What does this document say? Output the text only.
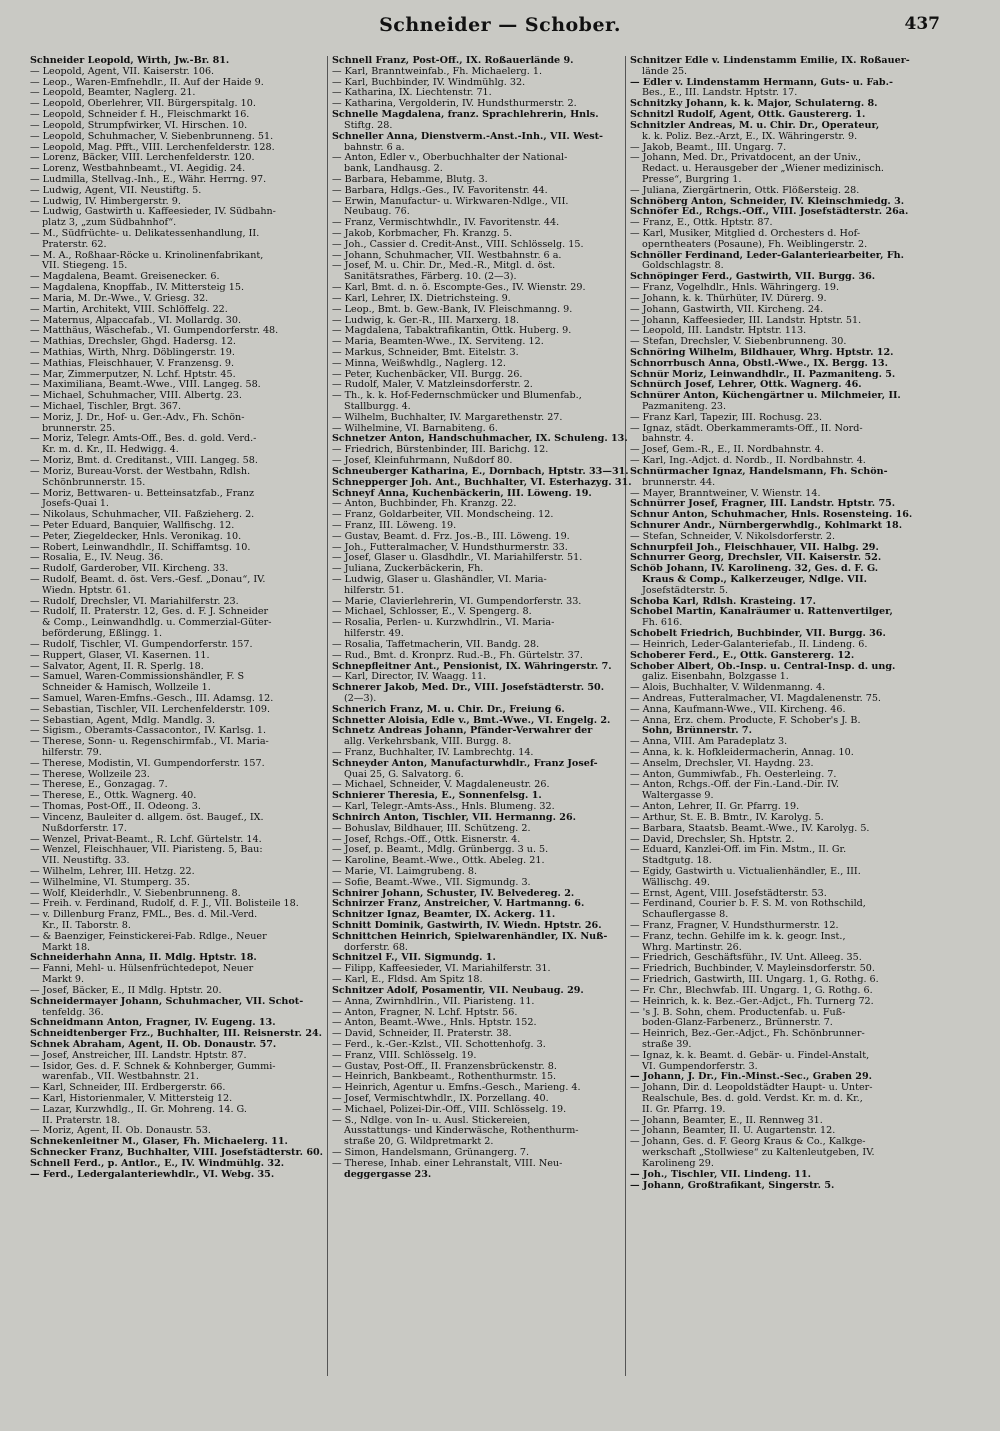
Schneider — Schober.	437
Schneider Leopold, Wirth, Jw.-Br. 81.
— Leopold, Agent, VII. Kaiserstr. 106.
— Leop., Waren-Emfnehdlr., II. Auf der Haide 9.
— Leopold, Beamter, Naglerg. 21.
— Leopold, Oberlehrer, VII. Bürgerspitalg. 10.
— Leopold, Schneider f. H., Fleischmarkt 16.
— Leopold, Strumpfwirker, VI. Hirschen. 10.
— Leopold, Schuhmacher, V. Siebenbrunneng. 51.
— Leopold, Mag. Pfft., VIII. Lerchenfelderstr. 128.
— Lorenz, Bäcker, VIII. Lerchenfelderstr. 120.
— Lorenz, Westbahnbeamt., VI. Aegidig. 24.
— Ludmilla, Stellvag.-Inh., E., Währ. Herrng. 97.
— Ludwig, Agent, VII. Neustiftg. 5.
— Ludwig, IV. Himbergerstr. 9.
— Ludwig, Gastwirth u. Kaffeesieder, IV. Südbahn-
platz 3, „zum Südbahnhof“.
— M., Südfrüchte- u. Delikatessenhandlung, II.
Praterstr. 62.
— M. A., Roßhaar-Röcke u. Krinolinenfabrikant,
VII. Stiegeng. 15.
— Magdalena, Beamt. Greisenecker. 6.
— Magdalena, Knopffab., IV. Mittersteig 15.
— Maria, M. Dr.-Wwe., V. Griesg. 32.
— Martin, Architekt, VIII. Schlöffelg. 22.
— Maternus, Alpaccafab., VI. Mollardg. 30.
— Matthäus, Wäschefab., VI. Gumpendorferstr. 48.
— Mathias, Drechsler, Ghgd. Hadersg. 12.
— Mathias, Wirth, Nhrg. Döblingerstr. 19.
— Mathias, Fleischhauer, V. Franzensg. 9.
— Mar, Zimmerputzer, N. Lchf. Hptstr. 45.
— Maximiliana, Beamt.-Wwe., VIII. Langeg. 58.
— Michael, Schuhmacher, VIII. Albertg. 23.
— Michael, Tischler, Brgt. 367.
— Moriz, J. Dr., Hof- u. Ger.-Adv., Fh. Schön-
brunnerstr. 25.
— Moriz, Telegr. Amts-Off., Bes. d. gold. Verd.-
Kr. m. d. Kr., II. Hedwigg. 4.
— Moriz, Bmt. d. Creditanst., VIII. Langeg. 58.
— Moriz, Bureau-Vorst. der Westbahn, Rdlsh.
Schönbrunnerstr. 15.
— Moriz, Bettwaren- u. Betteinsatzfab., Franz
Josefs-Quai 1.
— Nikolaus, Schuhmacher, VII. Faßzieherg. 2.
— Peter Eduard, Banquier, Wallfischg. 12.
— Peter, Ziegeldecker, Hnls. Veronikag. 10.
— Robert, Leinwandhdlr., II. Schiffamtsg. 10.
— Rosalia, E., IV. Neug. 36.
— Rudolf, Garderober, VII. Kircheng. 33.
— Rudolf, Beamt. d. öst. Vers.-Gesf. „Donau“, IV.
Wiedn. Hptstr. 61.
— Rudolf, Drechsler, VI. Mariahilferstr. 23.
— Rudolf, II. Praterstr. 12, Ges. d. F. J. Schneider
& Comp., Leinwandhdlg. u. Commerzial-Güter-
beförderung, Eßlingg. 1.
— Rudolf, Tischler, VI. Gumpendorferstr. 157.
— Ruppert, Glaser, VI. Kasernen. 11.
— Salvator, Agent, II. R. Sperlg. 18.
— Samuel, Waren-Commissionshändler, F. S
Schneider & Hamisch, Wollzeile 1.
— Samuel, Waren-Emfns.-Gesch., III. Adamsg. 12.
— Sebastian, Tischler, VII. Lerchenfelderstr. 109.
— Sebastian, Agent, Mdlg. Mandlg. 3.
— Sigism., Oberamts-Cassacontor., IV. Karlsg. 1.
— Therese, Sonn- u. Regenschirmfab., VI. Maria-
hilferstr. 79.
— Therese, Modistin, VI. Gumpendorferstr. 157.
— Therese, Wollzeile 23.
— Therese, E., Gonzagag. 7.
— Therese, E., Ottk. Wagnerg. 40.
— Thomas, Post-Off., II. Odeong. 3.
— Vincenz, Bauleiter d. allgem. öst. Baugef., IX.
Nußdorferstr. 17.
— Wenzel, Privat-Beamt., R. Lchf. Gürtelstr. 14.
— Wenzel, Fleischhauer, VII. Piaristeng. 5, Bau:
VII. Neustiftg. 33.
— Wilhelm, Lehrer, III. Hetzg. 22.
— Wilhelmine, VI. Stumperg. 35.
— Wolf, Kleiderhdlr., V. Siebenbrunneng. 8.
— Freih. v. Ferdinand, Rudolf, d. F. J., VII. Bolisteile 18.
— v. Dillenburg Franz, FML., Bes. d. Mil.-Verd.
Kr., II. Taborstr. 8.
— & Baenziger, Feinstickerei-Fab. Rdlge., Neuer
Markt 18.
Schneiderhahn Anna, II. Mdlg. Hptstr. 18.
— Fanni, Mehl- u. Hülsenfrüchtedepot, Neuer
Markt 9.
— Josef, Bäcker, E., II Mdlg. Hptstr. 20.
Schneidermayer Johann, Schuhmacher, VII. Schot-
tenfeldg. 36.
Schneidmann Anton, Fragner, IV. Eugeng. 13.
Schneidtenberger Frz., Buchhalter, III. Reisnerstr. 24.
Schnek Abraham, Agent, II. Ob. Donaustr. 57.
— Josef, Anstreicher, III. Landstr. Hptstr. 87.
— Isidor, Ges. d. F. Schnek & Kohnberger, Gummi-
warenfab., VII. Westbahnstr. 21.
— Karl, Schneider, III. Erdbergerstr. 66.
— Karl, Historienmaler, V. Mittersteig 12.
— Lazar, Kurzwhdlg., II. Gr. Mohreng. 14. G.
II. Praterstr. 18.
— Moriz, Agent, II. Ob. Donaustr. 53.
Schnekenleitner M., Glaser, Fh. Michaelerg. 11.
Schnecker Franz, Buchhalter, VIII. Josefstädterstr. 60.
Schnell Ferd., p. Antlor., E., IV. Windmühlg. 32.
— Ferd., Ledergalanteriewhdlr., VI. Webg. 35.
Schnell Franz, Post-Off., IX. Roßauerlände 9.
— Karl, Branntweinfab., Fh. Michaelerg. 1.
— Karl, Buchbinder, IV. Windmühlg. 32.
— Katharina, IX. Liechtenstr. 71.
— Katharina, Vergolderin, IV. Hundsthurmerstr. 2.
Schnelle Magdalena, franz. Sprachlehrerin, Hnls.
Stiftg. 28.
Schneller Anna, Dienstverm.-Anst.-Inh., VII. West-
bahnstr. 6 a.
— Anton, Edler v., Oberbuchhalter der National-
bank, Landhausg. 2.
— Barbara, Hebamme, Blutg. 3.
— Barbara, Hdlgs.-Ges., IV. Favoritenstr. 44.
— Erwin, Manufactur- u. Wirkwaren-Ndlge., VII.
Neubaug. 76.
— Franz, Vermischtwhdlr., IV. Favoritenstr. 44.
— Jakob, Korbmacher, Fh. Kranzg. 5.
— Joh., Cassier d. Credit-Anst., VIII. Schlösselg. 15.
— Johann, Schuhmacher, VII. Westbahnstr. 6 a.
— Josef, M. u. Chir. Dr., Med.-R., Mitgl. d. öst.
Sanitätsrathes, Färberg. 10. (2—3).
— Karl, Bmt. d. n. ö. Escompte-Ges., IV. Wienstr. 29.
— Karl, Lehrer, IX. Dietrichsteing. 9.
— Leop., Bmt. b. Gew.-Bank, IV. Fleischmanng. 9.
— Ludwig, k. Ger.-R., III. Marxerg. 18.
— Magdalena, Tabaktrafikantin, Ottk. Huberg. 9.
— Maria, Beamten-Wwe., IX. Serviteng. 12.
— Markus, Schneider, Bmt. Eitelstr. 3.
— Minna, Weißwhdlg., Naglerg. 12.
— Peter, Kuchenbäcker, VII. Burgg. 26.
— Rudolf, Maler, V. Matzleinsdorferstr. 2.
— Th., k. k. Hof-Federnschmücker und Blumenfab.,
Stallburgg. 4.
— Wilhelm, Buchhalter, IV. Margarethenstr. 27.
— Wilhelmine, VI. Barnabiteng. 6.
Schnetzer Anton, Handschuhmacher, IX. Schuleng. 13.
— Friedrich, Bürstenbinder, III. Barichg. 12.
— Josef, Kleinfuhrmann, Nußdorf 80.
Schneuberger Katharina, E., Dornbach, Hptstr. 33—31.
Schnepperger Joh. Ant., Buchhalter, VI. Esterhazyg. 31.
Schneyf Anna, Kuchenbäckerin, III. Löweng. 19.
— Anton, Buchbinder, Fh. Kranzg. 22.
— Franz, Goldarbeiter, VII. Mondscheing. 12.
— Franz, III. Löweng. 19.
— Gustav, Beamt. d. Frz. Jos.-B., III. Löweng. 19.
— Joh., Futteralmacher, V. Hundsthurmerstr. 33.
— Josef, Glaser u. Glasdhdlr., VI. Mariahilferstr. 51.
— Juliana, Zuckerbäckerin, Fh.
— Ludwig, Glaser u. Glashändler, VI. Maria-
hilferstr. 51.
— Marie, Clavierlehrerin, VI. Gumpendorferstr. 33.
— Michael, Schlosser, E., V. Spengerg. 8.
— Rosalia, Perlen- u. Kurzwhdlrin., VI. Maria-
hilferstr. 49.
— Rosalia, Taffetmacherin, VII. Bandg. 28.
— Rud., Bmt. d. Kronprz. Rud.-B., Fh. Gürtelstr. 37.
Schnepfleitner Ant., Pensionist, IX. Währingerstr. 7.
— Karl, Director, IV. Waagg. 11.
Schnerer Jakob, Med. Dr., VIII. Josefstädterstr. 50.
(2—3).
Schnerich Franz, M. u. Chir. Dr., Freiung 6.
Schnetter Aloisia, Edle v., Bmt.-Wwe., VI. Engelg. 2.
Schnetz Andreas Johann, Pfänder-Verwahrer der
allg. Verkehrsbank, VIII. Burgg. 8.
— Franz, Buchhalter, IV. Lambrechtg. 14.
Schneyder Anton, Manufacturwhdlr., Franz Josef-
Quai 25, G. Salvatorg. 6.
— Michael, Schneider, V. Magdaleneustr. 26.
Schnierer Theresia, E., Sonnenfelsg. 1.
— Karl, Telegr.-Amts-Ass., Hnls. Blumeng. 32.
Schnirch Anton, Tischler, VII. Hermanng. 26.
— Bohuslav, Bildhauer, III. Schützeng. 2.
— Josef, Rchgs.-Off., Ottk. Eisnerstr. 4.
— Josef, p. Beamt., Mdlg. Grünbergg. 3 u. 5.
— Karoline, Beamt.-Wwe., Ottk. Abeleg. 21.
— Marie, VI. Laimgrubeng. 8.
— Sofie, Beamt.-Wwe., VII. Sigmundg. 3.
Schnirer Johann, Schuster, IV. Belvedereg. 2.
Schnirzer Franz, Anstreicher, V. Hartmanng. 6.
Schnitzer Ignaz, Beamter, IX. Ackerg. 11.
Schnitt Dominik, Gastwirth, IV. Wiedn. Hptstr. 26.
Schnittchen Heinrich, Spielwarenhändler, IX. Nuß-
dorferstr. 68.
Schnitzel F., VII. Sigmundg. 1.
— Filipp, Kaffeesieder, VI. Mariahilferstr. 31.
— Karl, E., Fldsd. Am Spitz 18.
Schnitzer Adolf, Posamentir, VII. Neubaug. 29.
— Anna, Zwirnhdlrin., VII. Piaristeng. 11.
— Anton, Fragner, N. Lchf. Hptstr. 56.
— Anton, Beamt.-Wwe., Hnls. Hptstr. 152.
— David, Schneider, II. Praterstr. 38.
— Ferd., k.-Ger.-Kzlst., VII. Schottenhofg. 3.
— Franz, VIII. Schlösselg. 19.
— Gustav, Post-Off., II. Franzensbrückenstr. 8.
— Heinrich, Bankbeamt., Rothenthurmstr. 15.
— Heinrich, Agentur u. Emfns.-Gesch., Marieng. 4.
— Josef, Vermischtwhdlr., IX. Porzellang. 40.
— Michael, Polizei-Dir.-Off., VIII. Schlösselg. 19.
— S., Ndlge. von In- u. Ausl. Stickereien,
Ausstattungs- und Kinderwäsche, Rothenthurm-
straße 20, G. Wildpretmarkt 2.
— Simon, Handelsmann, Grünangerg. 7.
— Therese, Inhab. einer Lehranstalt, VIII. Neu-
deggergasse 23.
Schnitzer Edle v. Lindenstamm Emilie, IX. Roßauer-
lände 25.
— Edler v. Lindenstamm Hermann, Guts- u. Fab.-
Bes., E., III. Landstr. Hptstr. 17.
Schnitzky Johann, k. k. Major, Schulaterng. 8.
Schnitzl Rudolf, Agent, Ottk. Gaustererg. 1.
Schnitzler Andreas, M. u. Chir. Dr., Operateur,
k. k. Poliz. Bez.-Arzt, E., IX. Währingerstr. 9.
— Jakob, Beamt., III. Ungarg. 7.
— Johann, Med. Dr., Privatdocent, an der Univ.,
Redact. u. Herausgeber der „Wiener medizinisch.
Presse“, Burgring 1.
— Juliana, Ziergärtnerin, Ottk. Flößersteig. 28.
Schnöberg Anton, Schneider, IV. Kleinschmiedg. 3.
Schnöfer Ed., Rchgs.-Off., VIII. Josefstädterstr. 26a.
— Franz, E., Ottk. Hptstr. 87.
— Karl, Musiker, Mitglied d. Orchesters d. Hof-
operntheaters (Posaune), Fh. Weiblingerstr. 2.
Schnöller Ferdinand, Leder-Galanteriearbeiter, Fh.
Goldschlagstr. 8.
Schnöpinger Ferd., Gastwirth, VII. Burgg. 36.
— Franz, Vogelhdlr., Hnls. Währingerg. 19.
— Johann, k. k. Thürhüter, IV. Dürerg. 9.
— Johann, Gastwirth, VII. Kircheng. 24.
— Johann, Kaffeesieder, III. Landstr. Hptstr. 51.
— Leopold, III. Landstr. Hptstr. 113.
— Stefan, Drechsler, V. Siebenbrunneng. 30.
Schnöring Wilhelm, Bildhauer, Whrg. Hptstr. 12.
Schnorrbusch Anna, Obstl.-Wwe., IX. Bergg. 13.
Schnür Moriz, Leinwandhdlr., II. Pazmaniteng. 5.
Schnürch Josef, Lehrer, Ottk. Wagnerg. 46.
Schnürer Anton, Küchengärtner u. Milchmeier, II.
Pazmaniteng. 23.
— Franz Karl, Tapezir, III. Rochusg. 23.
— Ignaz, städt. Oberkammeramts-Off., II. Nord-
bahnstr. 4.
— Josef, Gem.-R., E., II. Nordbahnstr. 4.
— Karl, Ing.-Adjct. d. Nordb., II. Nordbahnstr. 4.
Schnürmacher Ignaz, Handelsmann, Fh. Schön-
brunnerstr. 44.
— Mayer, Branntweiner, V. Wienstr. 14.
Schnürrer Josef, Fragner, III. Landstr. Hptstr. 75.
Schnur Anton, Schuhmacher, Hnls. Rosensteing. 16.
Schnurer Andr., Nürnbergerwhdlg., Kohlmarkt 18.
— Stefan, Schneider, V. Nikolsdorferstr. 2.
Schnurpfeil Joh., Fleischhauer, VII. Halbg. 29.
Schnurrer Georg, Drechsler, VII. Kaiserstr. 52.
Schöb Johann, IV. Karolineng. 32, Ges. d. F. G.
Kraus & Comp., Kalkerzeuger, Ndlge. VII.
Josefstädterstr. 5.
Schoba Karl, Rdlsh. Krasteing. 17.
Schobel Martin, Kanalräumer u. Rattenvertilger,
Fh. 616.
Schobelt Friedrich, Buchbinder, VII. Burgg. 36.
— Heinrich, Leder-Galanteriefab., II. Lindeng. 6.
Schoberer Ferd., E., Ottk. Ganstererg. 12.
Schober Albert, Ob.-Insp. u. Central-Insp. d. ung.
galiz. Eisenbahn, Bolzgasse 1.
— Alois, Buchhalter, V. Wildenmanng. 4.
— Andreas, Futteralmacher, VI. Magdalenenstr. 75.
— Anna, Kaufmann-Wwe., VII. Kircheng. 46.
— Anna, Erz. chem. Producte, F. Schober's J. B.
Sohn, Brünnerstr. 7.
— Anna, VIII. Am Paradeplatz 3.
— Anna, k. k. Hofkleidermacherin, Annag. 10.
— Anselm, Drechsler, VI. Haydng. 23.
— Anton, Gummiwfab., Fh. Oesterleing. 7.
— Anton, Rchgs.-Off. der Fin.-Land.-Dir. IV.
Waltergasse 9.
— Anton, Lehrer, II. Gr. Pfarrg. 19.
— Arthur, St. E. B. Bmtr., IV. Karolyg. 5.
— Barbara, Staatsb. Beamt.-Wwe., IV. Karolyg. 5.
— David, Drechsler, Sh. Hptstr. 2.
— Eduard, Kanzlei-Off. im Fin. Mstm., II. Gr.
Stadtgutg. 18.
— Egidy, Gastwirth u. Victualienhändler, E., III.
Wällischg. 49.
— Ernst, Agent, VIII. Josefstädterstr. 53.
— Ferdinand, Courier b. F. S. M. von Rothschild,
Schauflergasse 8.
— Franz, Fragner, V. Hundsthurmerstr. 12.
— Franz, techn. Gehilfe im k. k. geogr. Inst.,
Whrg. Martinstr. 26.
— Friedrich, Geschäftsführ., IV. Unt. Alleeg. 35.
— Friedrich, Buchbinder, V. Mayleinsdorferstr. 50.
— Friedrich, Gastwirth, III. Ungarg. 1, G. Rothg. 6.
— Fr. Chr., Blechwfab. III. Ungarg. 1, G. Rothg. 6.
— Heinrich, k. k. Bez.-Ger.-Adjct., Fh. Turnerg 72.
— 's J. B. Sohn, chem. Productenfab. u. Fuß-
boden-Glanz-Farbenerz., Brünnerstr. 7.
— Heinrich, Bez.-Ger.-Adjct., Fh. Schönbrunner-
straße 39.
— Ignaz, k. k. Beamt. d. Gebär- u. Findel-Anstalt,
VI. Gumpendorferstr. 3.
— Johann, J. Dr., Fin.-Minst.-Sec., Graben 29.
— Johann, Dir. d. Leopoldstädter Haupt- u. Unter-
Realschule, Bes. d. gold. Verdst. Kr. m. d. Kr.,
II. Gr. Pfarrg. 19.
— Johann, Beamter, E., II. Rennweg 31.
— Johann, Beamter, II. U. Augartenstr. 12.
— Johann, Ges. d. F. Georg Kraus & Co., Kalkge-
werkschaft „Stollwiese“ zu Kaltenleutgeben, IV.
Karolineng 29.
— Joh., Tischler, VII. Lindeng. 11.
— Johann, Großtrafikant, Singerstr. 5.
